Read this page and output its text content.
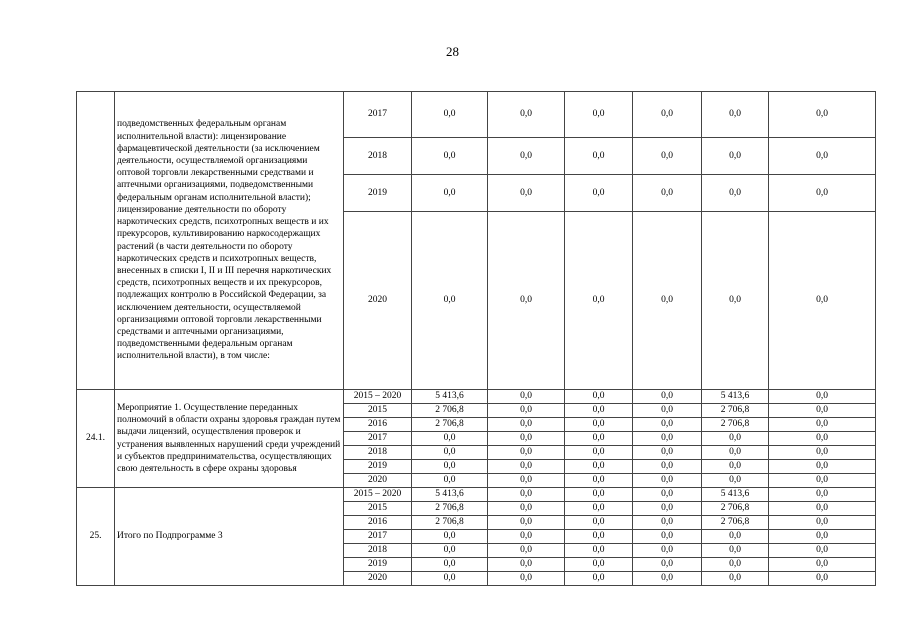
28
	подведомственных федеральным органам исполнительной власти): лицензирование фармацевтической деятельности (за исключением деятельности, осуществляемой организациями оптовой торговли лекарственными средствами и аптечными организациями, подведомственными федеральным органам исполнительной власти); лицензирование деятельности по обороту наркотических средств, психотропных веществ и их прекурсоров, культивированию наркосодержащих растений (в части деятельности по обороту наркотических средств и психотропных веществ, внесенных в списки I, II и III перечня наркотических средств, психотропных веществ и их прекурсоров, подлежащих контролю в Российской Федерации, за исключением деятельности, осуществляемой организациями оптовой торговли лекарственными средствами и аптечными организациями, подведомственными федеральным органам исполнительной власти), в том числе:	2017	0,0	0,0	0,0	0,0	0,0	0,0
		2018	0,0	0,0	0,0	0,0	0,0	0,0
		2019	0,0	0,0	0,0	0,0	0,0	0,0
		2020	0,0	0,0	0,0	0,0	0,0	0,0
24.1.	Мероприятие 1. Осуществление переданных полномочий в области охраны здоровья граждан путем выдачи лицензий, осуществления проверок и устранения выявленных нарушений среди учреждений и субъектов предпринимательства, осуществляющих свою деятельность в сфере охраны здоровья	2015 – 2020	5 413,6	0,0	0,0	0,0	5 413,6	0,0
		2015	2 706,8	0,0	0,0	0,0	2 706,8	0,0
		2016	2 706,8	0,0	0,0	0,0	2 706,8	0,0
		2017	0,0	0,0	0,0	0,0	0,0	0,0
		2018	0,0	0,0	0,0	0,0	0,0	0,0
		2019	0,0	0,0	0,0	0,0	0,0	0,0
		2020	0,0	0,0	0,0	0,0	0,0	0,0
25.	Итого по Подпрограмме 3	2015 – 2020	5 413,6	0,0	0,0	0,0	5 413,6	0,0
		2015	2 706,8	0,0	0,0	0,0	2 706,8	0,0
		2016	2 706,8	0,0	0,0	0,0	2 706,8	0,0
		2017	0,0	0,0	0,0	0,0	0,0	0,0
		2018	0,0	0,0	0,0	0,0	0,0	0,0
		2019	0,0	0,0	0,0	0,0	0,0	0,0
		2020	0,0	0,0	0,0	0,0	0,0	0,0
